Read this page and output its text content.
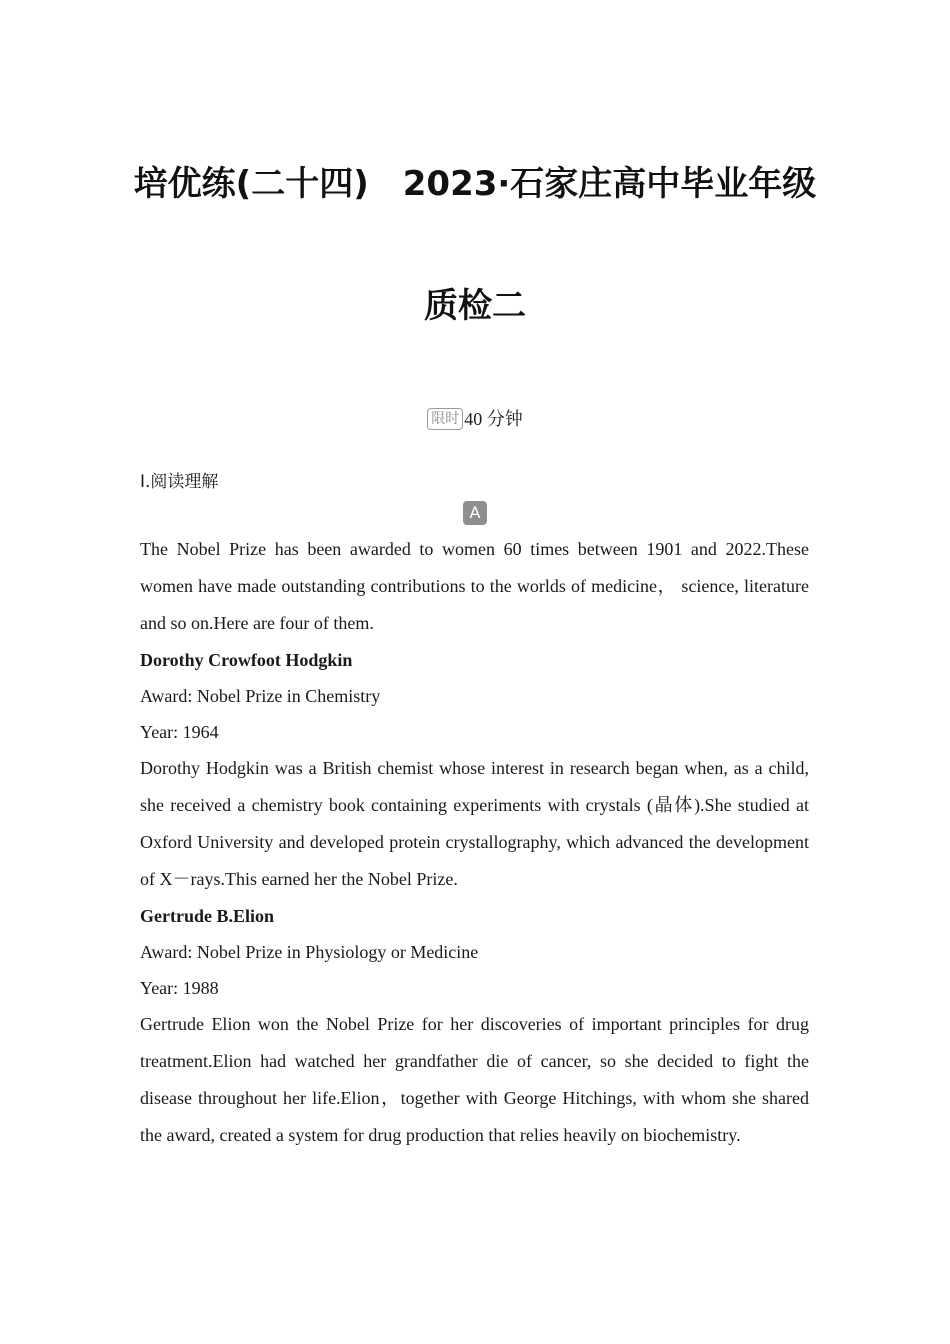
培优练(二十四)　2023·石家庄高中毕业年级
质检二
限时 40 分钟
Ⅰ.阅读理解
A

The Nobel Prize has been awarded to women 60 times between 1901 and 2022.These women have made outstanding contributions to the worlds of medicine， science, literature and so on.Here are four of them.

Dorothy Crowfoot Hodgkin
Award: Nobel Prize in Chemistry
Year: 1964

Dorothy Hodgkin was a British chemist whose interest in research began when, as a child, she received a chemistry book containing experiments with crystals (晶体).She studied at Oxford University and developed protein crystallography, which advanced the development of X－rays.This earned her the Nobel Prize.

Gertrude B.Elion
Award: Nobel Prize in Physiology or Medicine
Year: 1988

Gertrude Elion won the Nobel Prize for her discoveries of important principles for drug treatment.Elion had watched her grandfather die of cancer, so she decided to fight the disease throughout her life.Elion，together with George Hitchings, with whom she shared the award, created a system for drug production that relies heavily on biochemistry.
